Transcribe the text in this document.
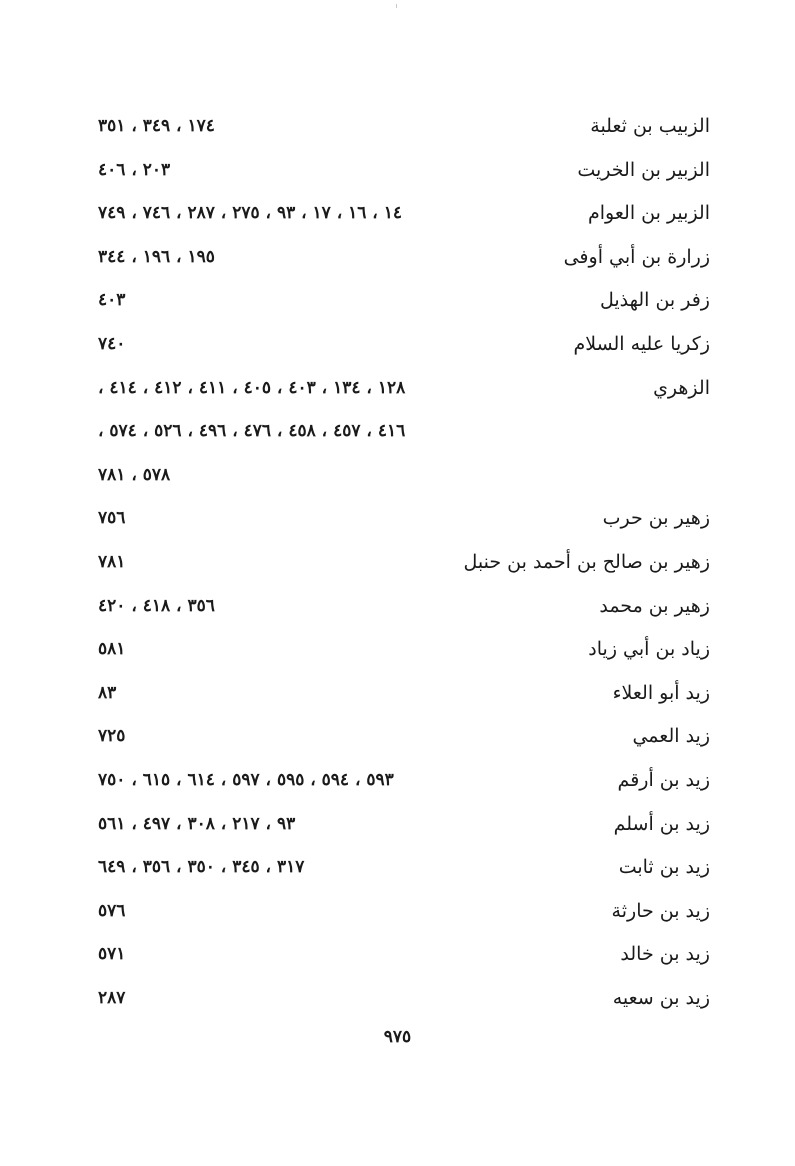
الزبيب بن ثعلبة
١٧٤ ، ٣٤٩ ، ٣٥١
الزبير بن الخريت
٢٠٣ ، ٤٠٦
الزبير بن العوام
١٤ ، ١٦ ، ١٧ ، ٩٣ ، ٢٧٥ ، ٢٨٧ ، ٧٤٦ ، ٧٤٩
زرارة بن أبي أوفى
١٩٥ ، ١٩٦ ، ٣٤٤
زفر بن الهذيل
٤٠٣
زكريا عليه السلام
٧٤٠
الزهري
١٢٨ ، ١٣٤ ، ٤٠٣ ، ٤٠٥ ، ٤١١ ، ٤١٢ ، ٤١٤ ،
٤١٦ ، ٤٥٧ ، ٤٥٨ ، ٤٧٦ ، ٤٩٦ ، ٥٢٦ ، ٥٧٤ ،
٥٧٨ ، ٧٨١
زهير بن حرب
٧٥٦
زهير بن صالح بن أحمد بن حنبل
٧٨١
زهير بن محمد
٣٥٦ ، ٤١٨ ، ٤٢٠
زياد بن أبي زياد
٥٨١
زيد أبو العلاء
٨٣
زيد العمي
٧٢٥
زيد بن أرقم
٥٩٣ ، ٥٩٤ ، ٥٩٥ ، ٥٩٧ ، ٦١٤ ، ٦١٥ ، ٧٥٠
زيد بن أسلم
٩٣ ، ٢١٧ ، ٣٠٨ ، ٤٩٧ ، ٥٦١
زيد بن ثابت
٣١٧ ، ٣٤٥ ، ٣٥٠ ، ٣٥٦ ، ٦٤٩
زيد بن حارثة
٥٧٦
زيد بن خالد
٥٧١
زيد بن سعيه
٢٨٧
٩٧٥
